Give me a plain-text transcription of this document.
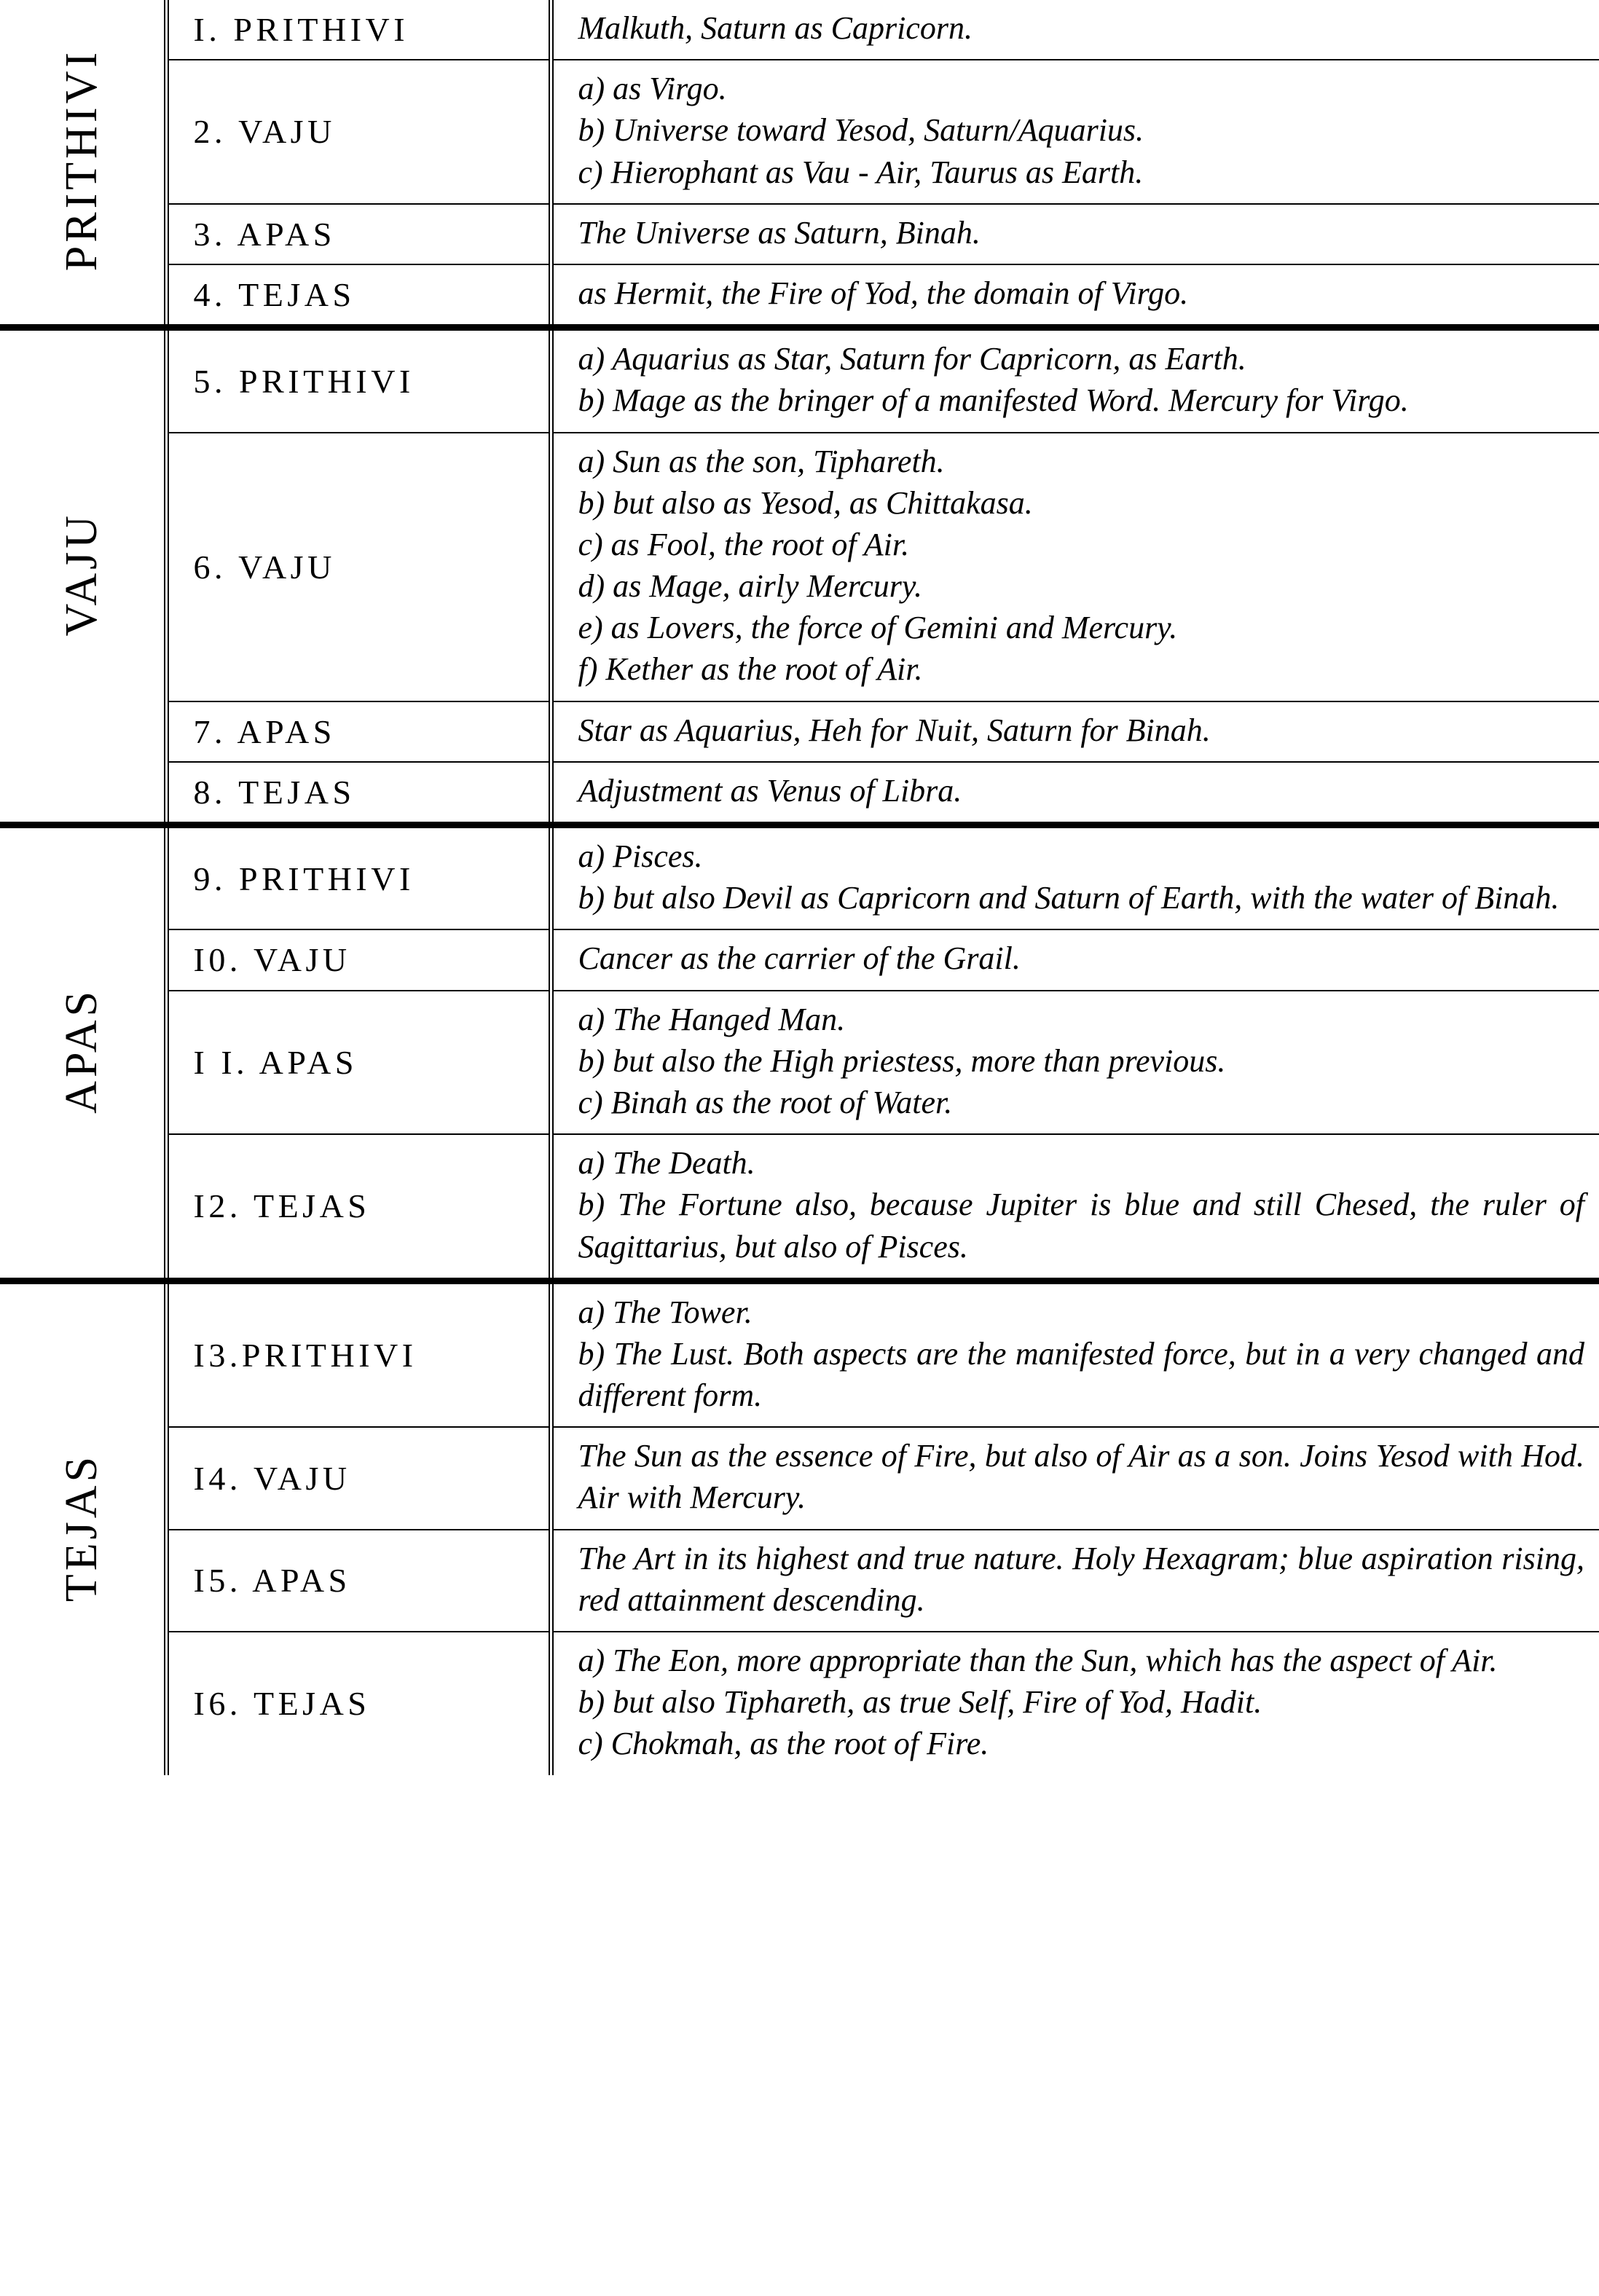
PRITHIVI	I. PRITHIVI	Malkuth, Saturn as Capricorn.

	2. VAJU	a) as Virgo.
b) Universe toward Yesod, Saturn/Aquarius.
c) Hierophant as Vau - Air, Taurus as Earth.

	3. APAS	The Universe as Saturn, Binah.

	4. TEJAS	as Hermit, the Fire of Yod, the domain of Virgo.

VAJU	5. PRITHIVI	a) Aquarius as Star, Saturn for Capricorn, as Earth.
b) Mage as the bringer of a manifested Word. Mercury for Virgo.

6. VAJU	
a) Sun as the son, Tiphareth.
b) but also as Yesod, as Chittakasa.
c) as Fool, the root of Air.
d) as Mage, airly Mercury.
e) as Lovers, the force of Gemini and Mercury.
f) Kether as the root of Air.

	7. APAS	Star as Aquarius, Heh for Nuit, Saturn for Binah.

	8. TEJAS	Adjustment as Venus of Libra.

APAS	9. PRITHIVI	a) Pisces.
b) but also Devil as Capricorn and Saturn of Earth, with the water of Binah.

	I0. VAJU	Cancer as the carrier of the Grail.

	I I. APAS	a) The Hanged Man.
b) but also the High priestess, more than previous.
c) Binah as the root of Water.

	I2. TEJAS	a) The Death.
b) The Fortune also, because Jupiter is blue and still Chesed, the ruler of Sagittarius, but also of Pisces.

TEJAS	I3.PRITHIVI	a) The Tower.
b) The Lust. Both aspects are the manifested force, but in a very changed and different form.

	I4. VAJU	The Sun as the essence of Fire, but also of Air as a son. Joins Yesod with Hod. Air with Mercury.

	I5. APAS	The Art in its highest and true nature. Holy Hexagram; blue aspiration rising, red attainment descending.

	I6. TEJAS	a) The Eon, more appropriate than the Sun, which has the aspect of Air.
b) but also Tiphareth, as true Self, Fire of Yod, Hadit.
c) Chokmah, as the root of Fire.
